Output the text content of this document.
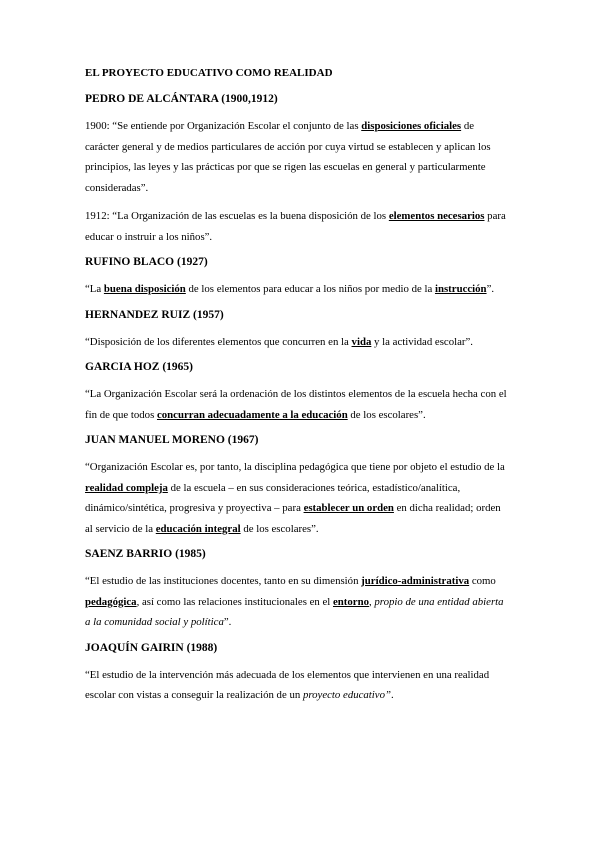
EL PROYECTO EDUCATIVO COMO REALIDAD
PEDRO DE ALCÁNTARA (1900,1912)

1900: “Se entiende por Organización Escolar el conjunto de las disposiciones oficiales de carácter general y de medios particulares de acción por cuya virtud se establecen y aplican los principios, las leyes y las prácticas por que se rigen las escuelas en general y particularmente consideradas”.

1912: “La Organización de las escuelas es la buena disposición de los elementos necesarios para educar o instruir a los niños”.

RUFINO BLACO (1927)

“La buena disposición de los elementos para educar a los niños por medio de la instrucción”.

HERNANDEZ RUIZ (1957)

“Disposición de los diferentes elementos que concurren en la vida y la actividad escolar”.

GARCIA HOZ (1965)

“La Organización Escolar será la ordenación de los distintos elementos de la escuela hecha con el fin de que todos concurran adecuadamente a la educación de los escolares”.

JUAN MANUEL MORENO (1967)

“Organización Escolar es, por tanto, la disciplina pedagógica que tiene por objeto el estudio de la realidad compleja de la escuela – en sus consideraciones teórica, estadístico/analítica, dinámico/sintética, progresiva y proyectiva – para establecer un orden en dicha realidad; orden al servicio de la educación integral de los escolares”.

SAENZ BARRIO (1985)

“El estudio de las instituciones docentes, tanto en su dimensión jurídico-administrativa como pedagógica, así como las relaciones institucionales en el entorno, propio de una entidad abierta a la comunidad social y política”.

JOAQUÍN GAIRIN (1988)

“El estudio de la intervención más adecuada de los elementos que intervienen en una realidad escolar con vistas a conseguir la realización de un proyecto educativo”.
